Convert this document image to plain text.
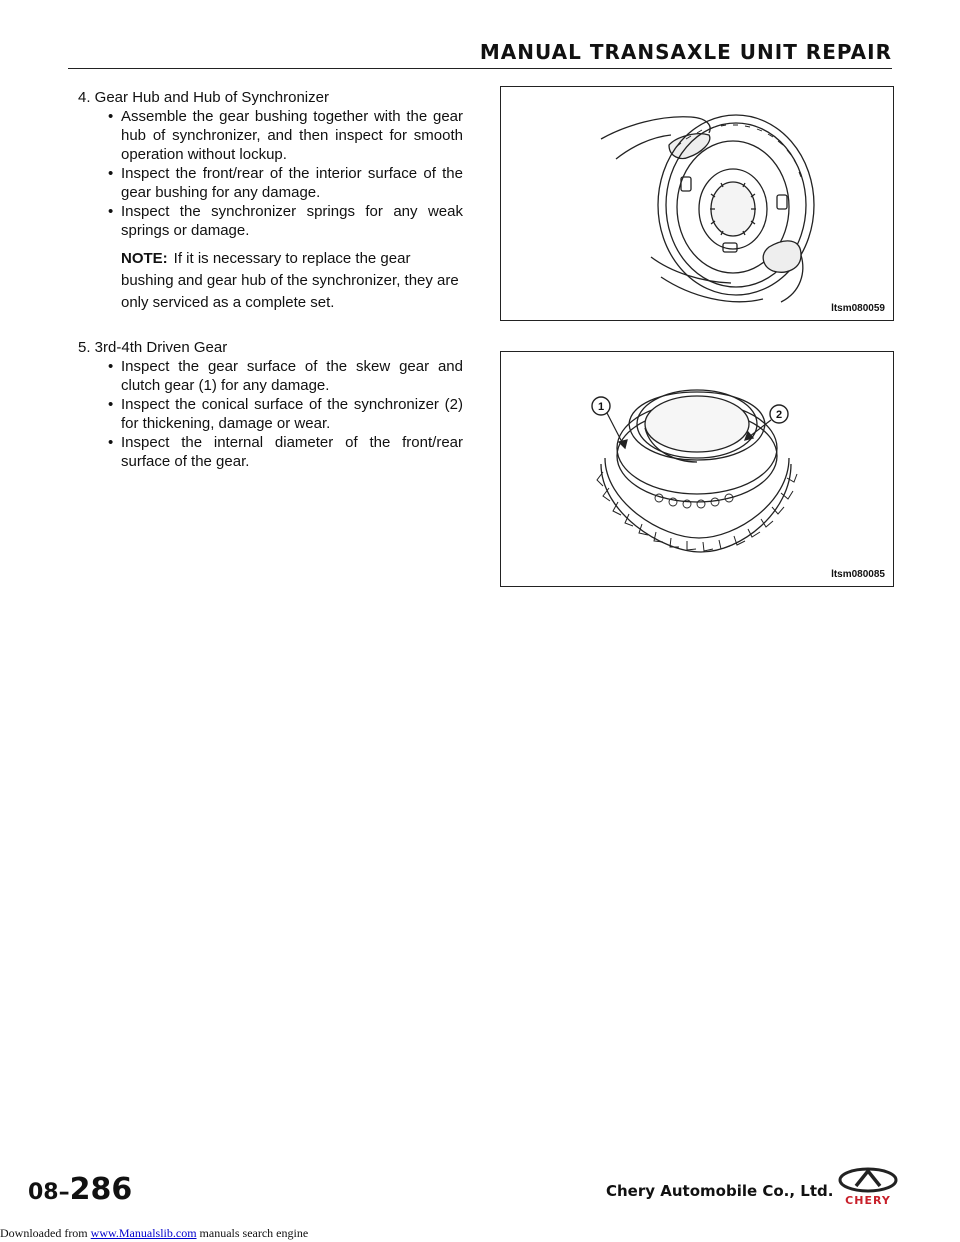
MANUAL TRANSAXLE UNIT REPAIR

4. Gear Hub and Hub of Synchronizer

• Assemble the gear bushing together with the gear hub of synchronizer, and then inspect for smooth operation without lockup.
• Inspect the front/rear of the interior surface of the gear bushing for any damage.
• Inspect the synchronizer springs for any weak springs or damage.
NOTE: If it is necessary to replace the gear bushing and gear hub of the synchronizer, they are only serviced as a complete set.

5. 3rd-4th Driven Gear

• Inspect the gear surface of the skew gear and clutch gear (1) for any damage.
• Inspect the conical surface of the synchronizer (2) for thickening, damage or wear.
• Inspect the internal diameter of the front/rear surface of the gear.
ltsm080059
1
2
ltsm080085
08–286	Chery Automobile Co., Ltd.
CHERY
Downloaded from www.Manualslib.com manuals search engine
